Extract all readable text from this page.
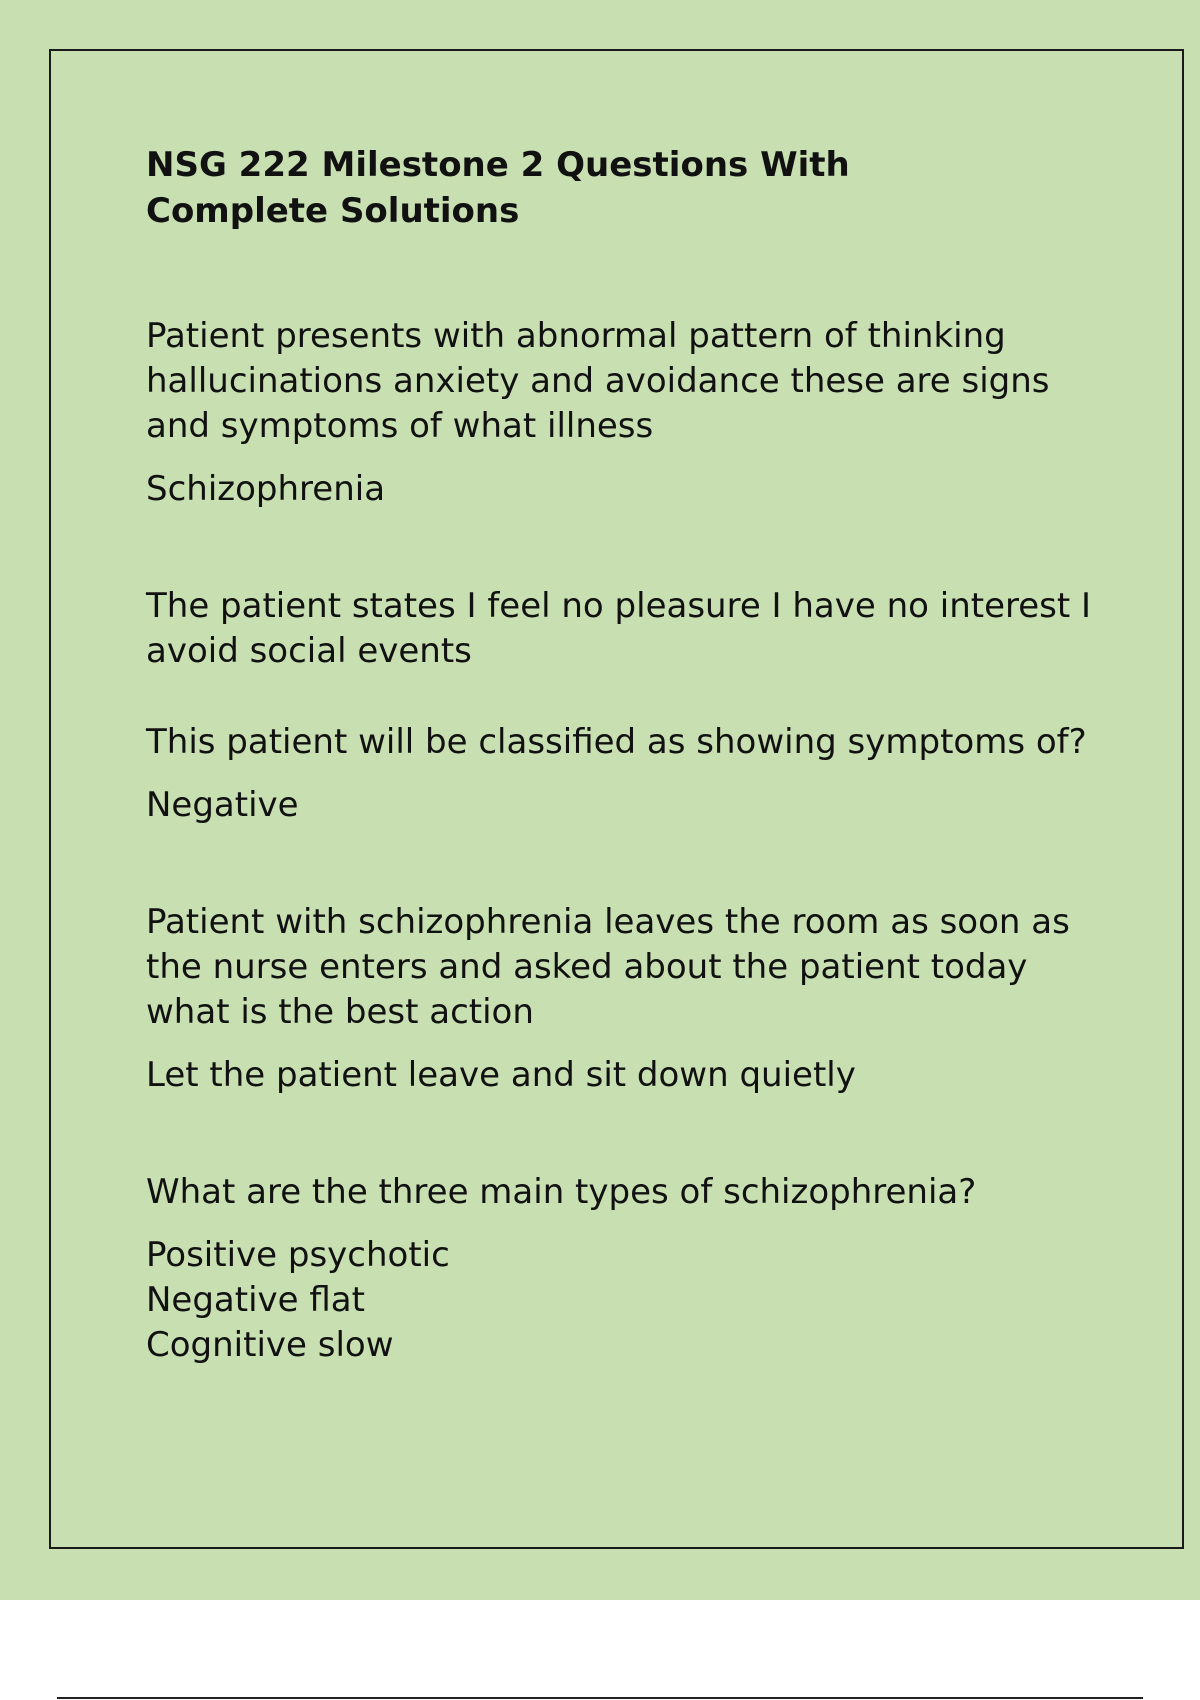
NSG 222 Milestone 2 Questions With Complete Solutions

Patient presents with abnormal pattern of thinking hallucinations anxiety and avoidance these are signs and symptoms of what illness

Schizophrenia

The patient states I feel no pleasure I have no interest I avoid social events

This patient will be classified as showing symptoms of?

Negative

Patient with schizophrenia leaves the room as soon as the nurse enters and asked about the patient today what is the best action

Let the patient leave and sit down quietly

What are the three main types of schizophrenia?

Positive psychotic
Negative flat
Cognitive slow
